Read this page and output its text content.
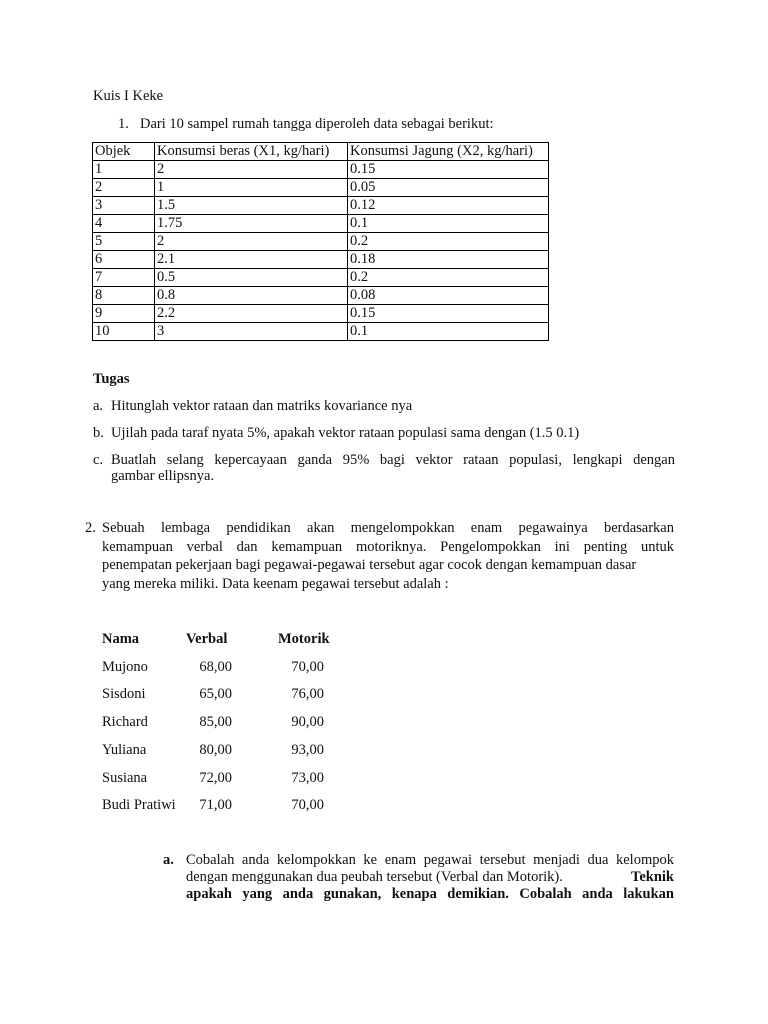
Kuis I Keke
1. Dari 10 sampel rumah tangga diperoleh data sebagai berikut:
Objek	Konsumsi beras (X1, kg/hari)	Konsumsi Jagung (X2, kg/hari)
1	2	0.15
2	1	0.05
3	1.5	0.12
4	1.75	0.1
5	2	0.2
6	2.1	0.18
7	0.5	0.2
8	0.8	0.08
9	2.2	0.15
10	3	0.1
Tugas
a. Hitunglah vektor rataan dan matriks kovariance nya
b. Ujilah pada taraf nyata 5%, apakah vektor rataan populasi sama dengan (1.5 0.1)
c. Buatlah selang kepercayaan ganda 95% bagi vektor rataan populasi, lengkapi dengan
gambar ellipsnya.
2. Sebuah lembaga pendidikan akan mengelompokkan enam pegawainya berdasarkan
kemampuan verbal dan kemampuan motoriknya. Pengelompokkan ini penting untuk
penempatan pekerjaan bagi pegawai-pegawai tersebut agar cocok dengan kemampuan dasar
yang mereka miliki. Data keenam pegawai tersebut adalah :
Nama	Verbal	Motorik
Mujono	68,00	70,00
Sisdoni	65,00	76,00
Richard	85,00	90,00
Yuliana	80,00	93,00
Susiana	72,00	73,00
Budi Pratiwi	71,00	70,00
a. Cobalah anda kelompokkan ke enam pegawai tersebut menjadi dua kelompok
dengan menggunakan dua peubah tersebut (Verbal dan Motorik).	Teknik
apakah yang anda gunakan, kenapa demikian. Cobalah anda lakukan
